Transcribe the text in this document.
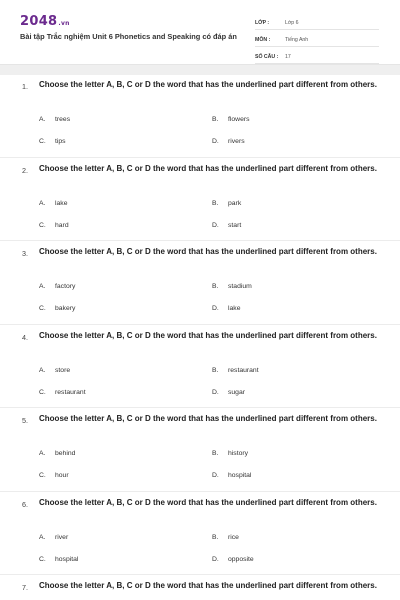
2048.vn
Bài tập Trắc nghiệm Unit 6 Phonetics and Speaking có đáp án
LỚP :	Lớp 6
MÔN :	Tiếng Anh
SỐ CÂU :	17
1. Choose the letter A, B, C or D the word that has the underlined part different from others.
A.	trees	B.	flowers
C.	tips	D.	rivers
2. Choose the letter A, B, C or D the word that has the underlined part different from others.
A.	lake	B.	park
C.	hard	D.	start
3. Choose the letter A, B, C or D the word that has the underlined part different from others.
A.	factory	B.	stadium
C.	bakery	D.	lake
4. Choose the letter A, B, C or D the word that has the underlined part different from others.
A.	store	B.	restaurant
C.	restaurant	D.	sugar
5. Choose the letter A, B, C or D the word that has the underlined part different from others.
A.	behind	B.	history
C.	hour	D.	hospital
6. Choose the letter A, B, C or D the word that has the underlined part different from others.
A.	river	B.	rice
C.	hospital	D.	opposite
7. Choose the letter A, B, C or D the word that has the underlined part different from others.
